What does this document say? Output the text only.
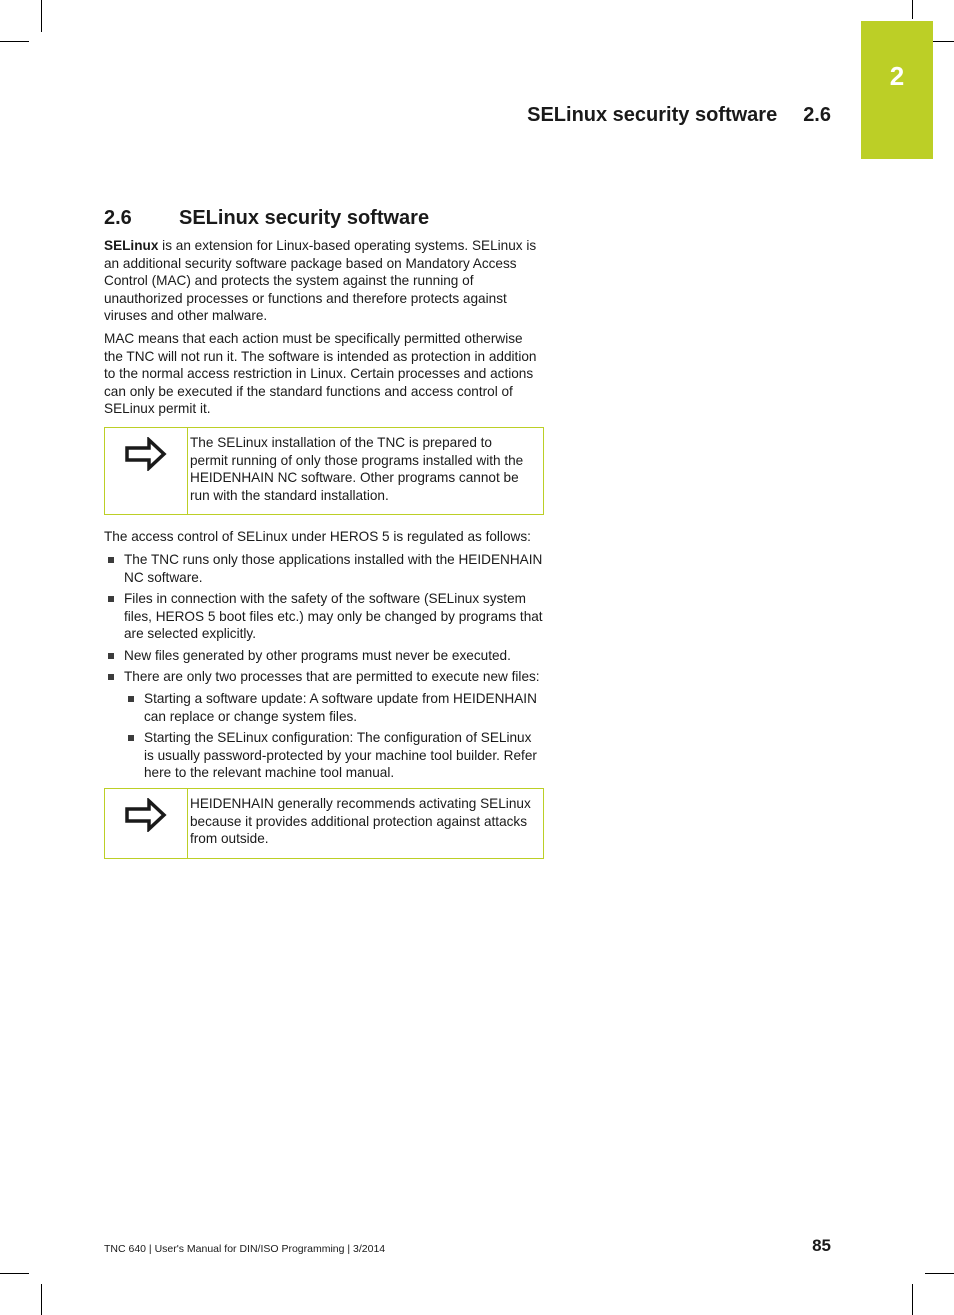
2
SELinux security software 2.6
2.6 SELinux security software

SELinux is an extension for Linux-based operating systems. SELinux is an additional security software package based on Mandatory Access Control (MAC) and protects the system against the running of unauthorized processes or functions and therefore protects against viruses and other malware.

MAC means that each action must be specifically permitted otherwise the TNC will not run it. The software is intended as protection in addition to the normal access restriction in Linux. Certain processes and actions can only be executed if the standard functions and access control of SELinux permit it.

The SELinux installation of the TNC is prepared to permit running of only those programs installed with the HEIDENHAIN NC software. Other programs cannot be run with the standard installation.

The access control of SELinux under HEROS 5 is regulated as follows:

The TNC runs only those applications installed with the HEIDENHAIN NC software.
Files in connection with the safety of the software (SELinux system files, HEROS 5 boot files etc.) may only be changed by programs that are selected explicitly.
New files generated by other programs must never be executed.
There are only two processes that are permitted to execute new files:
Starting a software update: A software update from HEIDENHAIN can replace or change system files.
Starting the SELinux configuration: The configuration of SELinux is usually password-protected by your machine tool builder. Refer here to the relevant machine tool manual.
HEIDENHAIN generally recommends activating SELinux because it provides additional protection against attacks from outside.
TNC 640 | User's Manual for DIN/ISO Programming | 3/2014	85
